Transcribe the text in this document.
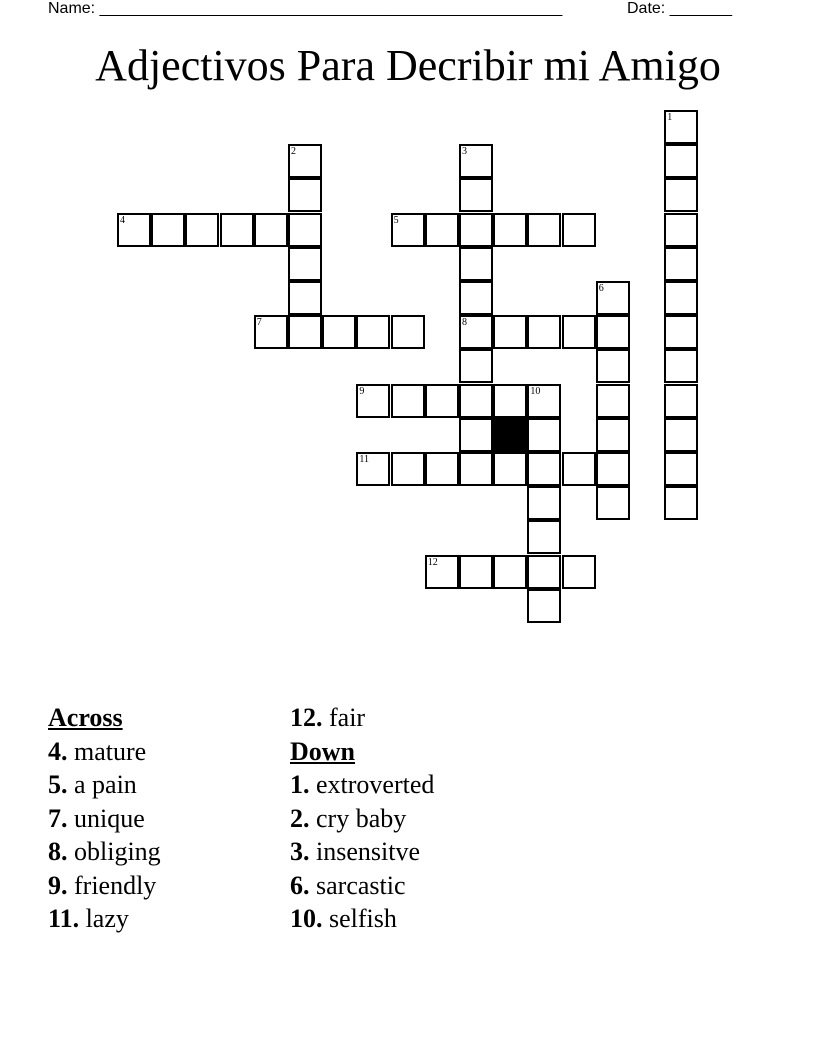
Name: ____________________________________________________	Date: _______
Adjectivos Para Decribir mi Amigo
1
2	3
8
4	5
6
7
9	10
11
12
Across
4. mature
5. a pain
7. unique
8. obliging
9. friendly
11. lazy
12. fair
Down
1. extroverted
2. cry baby
3. insensitve
6. sarcastic
10. selfish
